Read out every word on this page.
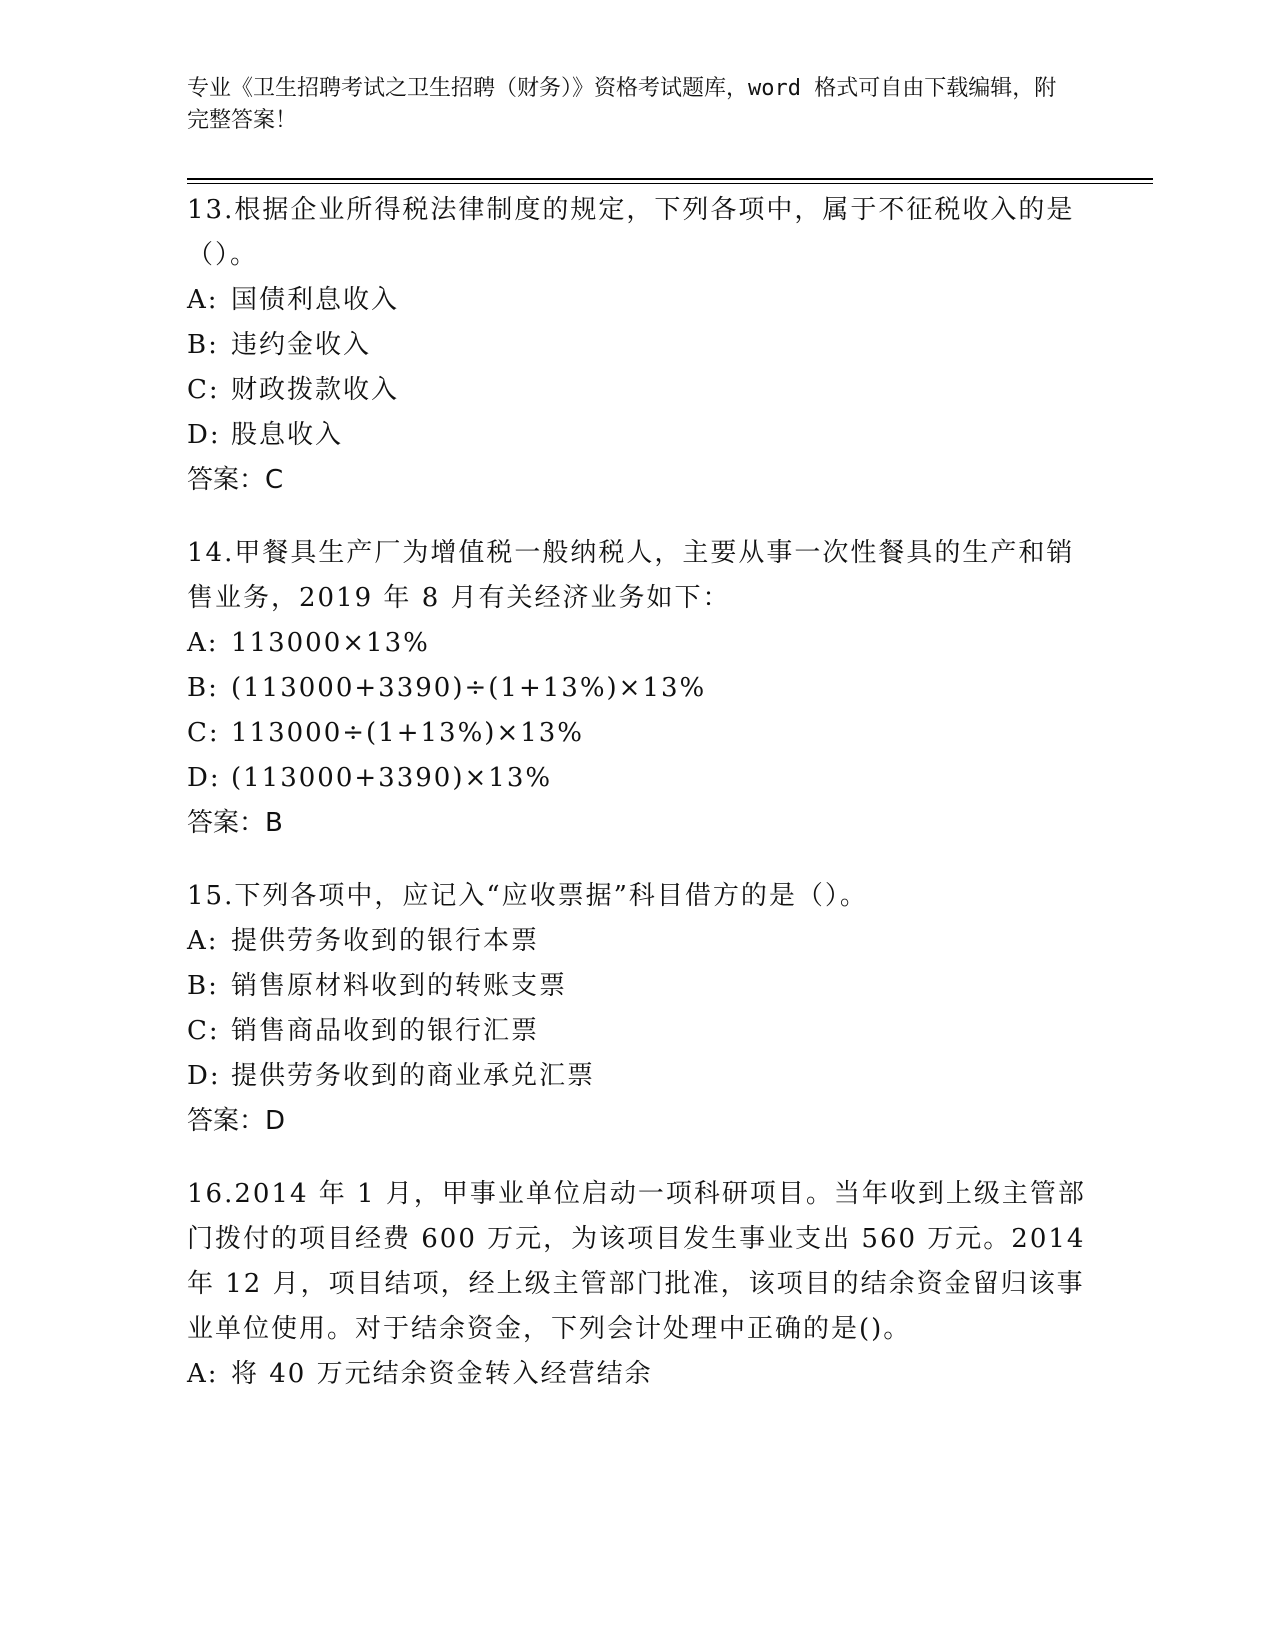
专业《卫生招聘考试之卫生招聘（财务）》资格考试题库，word 格式可自由下载编辑，附完整答案！

13.根据企业所得税法律制度的规定，下列各项中，属于不征税收入的是（）。

A: 国债利息收入
B: 违约金收入
C: 财政拨款收入
D: 股息收入

答案：C

14.甲餐具生产厂为增值税一般纳税人，主要从事一次性餐具的生产和销售业务，2019 年 8 月有关经济业务如下：

A: 113000×13%
B: (113000+3390)÷(1+13%)×13%
C: 113000÷(1+13%)×13%
D: (113000+3390)×13%

答案：B

15.下列各项中，应记入“应收票据”科目借方的是（）。

A: 提供劳务收到的银行本票
B: 销售原材料收到的转账支票
C: 销售商品收到的银行汇票
D: 提供劳务收到的商业承兑汇票

答案：D

16.2014 年 1 月，甲事业单位启动一项科研项目。当年收到上级主管部门拨付的项目经费 600 万元，为该项目发生事业支出 560 万元。2014 年 12 月，项目结项，经上级主管部门批准，该项目的结余资金留归该事业单位使用。对于结余资金，下列会计处理中正确的是()。

A: 将 40 万元结余资金转入经营结余
